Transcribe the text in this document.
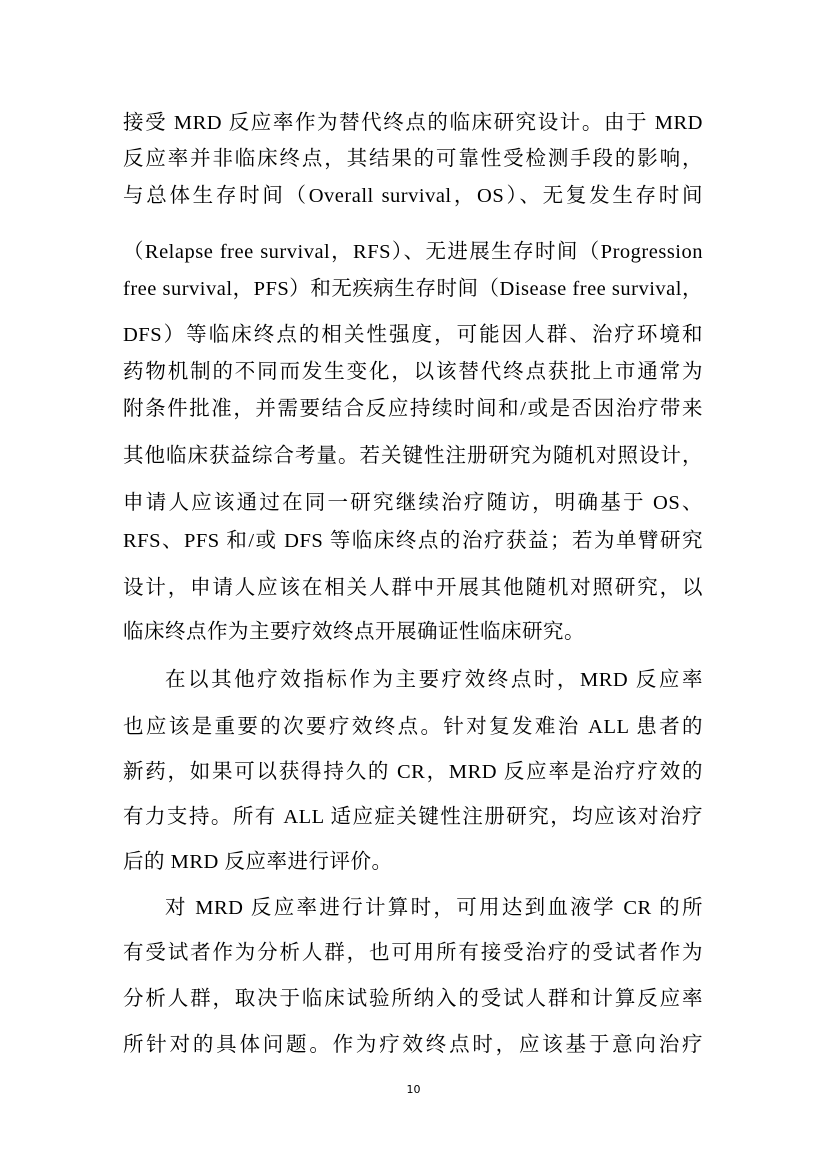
接受 MRD 反应率作为替代终点的临床研究设计。由于 MRD
反应率并非临床终点，其结果的可靠性受检测手段的影响，
与总体生存时间（Overall survival，OS）、无复发生存时间
（Relapse free survival，RFS）、无进展生存时间（Progression
free survival，PFS）和无疾病生存时间（Disease free survival，
DFS）等临床终点的相关性强度，可能因人群、治疗环境和
药物机制的不同而发生变化，以该替代终点获批上市通常为
附条件批准，并需要结合反应持续时间和/或是否因治疗带来
其他临床获益综合考量。若关键性注册研究为随机对照设计，
申请人应该通过在同一研究继续治疗随访，明确基于 OS、
RFS、PFS 和/或 DFS 等临床终点的治疗获益；若为单臂研究
设计，申请人应该在相关人群中开展其他随机对照研究，以
临床终点作为主要疗效终点开展确证性临床研究。
在以其他疗效指标作为主要疗效终点时，MRD 反应率
也应该是重要的次要疗效终点。针对复发难治 ALL 患者的
新药，如果可以获得持久的 CR，MRD 反应率是治疗疗效的
有力支持。所有 ALL 适应症关键性注册研究，均应该对治疗
后的 MRD 反应率进行评价。
对 MRD 反应率进行计算时，可用达到血液学 CR 的所
有受试者作为分析人群，也可用所有接受治疗的受试者作为
分析人群，取决于临床试验所纳入的受试人群和计算反应率
所针对的具体问题。作为疗效终点时，应该基于意向治疗
10
